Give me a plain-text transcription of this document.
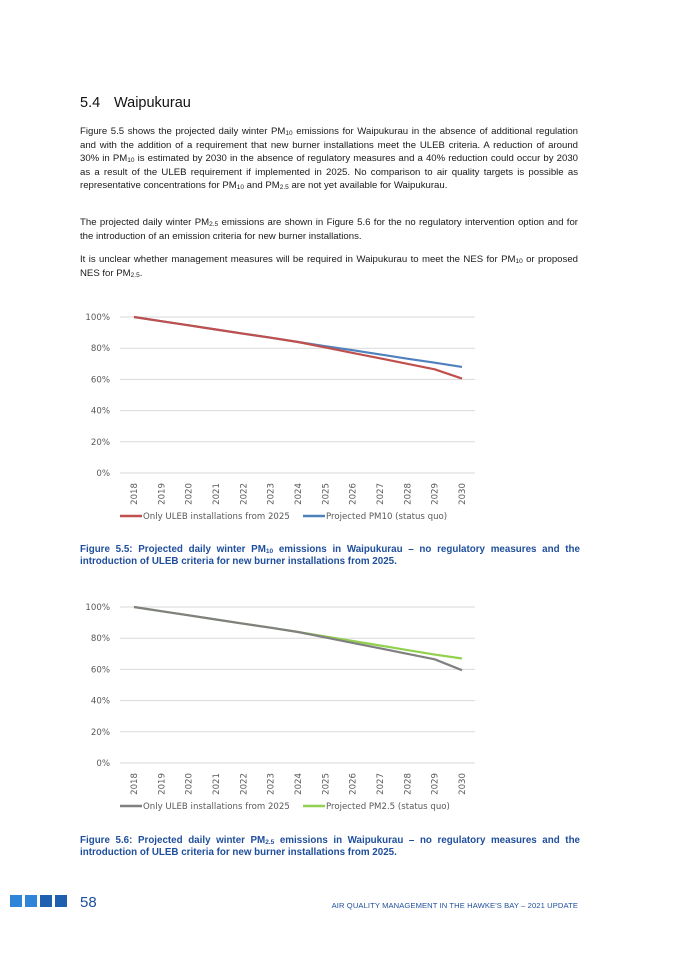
5.4 Waipukurau

Figure 5.5 shows the projected daily winter $PM_{10}$ emissions for Waipukurau in the absence of additional regulation and with the addition of a requirement that new burner installations meet the ULEB criteria. A reduction of around 30% in $PM_{10}$ is estimated by 2030 in the absence of regulatory measures and a 40% reduction could occur by 2030 as a result of the ULEB requirement if implemented in 2025. No comparison to air quality targets is possible as representative concentrations for $PM_{10}$ and $PM_{2.5}$ are not yet available for Waipukurau.

The projected daily winter $PM_{2.5}$ emissions are shown in Figure 5.6 for the no regulatory intervention option and for the introduction of an emission criteria for new burner installations.

It is unclear whether management measures will be required in Waipukurau to meet the NES for $PM_{10}$ or proposed NES for $PM_{2.5}$.

0%
20%
40%
60%
80%
100%
2018 2019 2020 2021 2022 2023 2024 2025 2026 2027 2028 2029 2030
Only ULEB installations from 2025	Projected PM10 (status quo)

Figure 5.5: Projected daily winter $PM_{10}$ emissions in Waipukurau – no regulatory measures and the introduction of ULEB criteria for new burner installations from 2025.

0%
20%
40%
60%
80%
100%
2018 2019 2020 2021 2022 2023 2024 2025 2026 2027 2028 2029 2030
Only ULEB installations from 2025	Projected PM2.5 (status quo)

Figure 5.6: Projected daily winter $PM_{2.5}$ emissions in Waipukurau – no regulatory measures and the introduction of ULEB criteria for new burner installations from 2025.

58	AIR QUALITY MANAGEMENT IN THE HAWKE'S BAY – 2021 UPDATE
